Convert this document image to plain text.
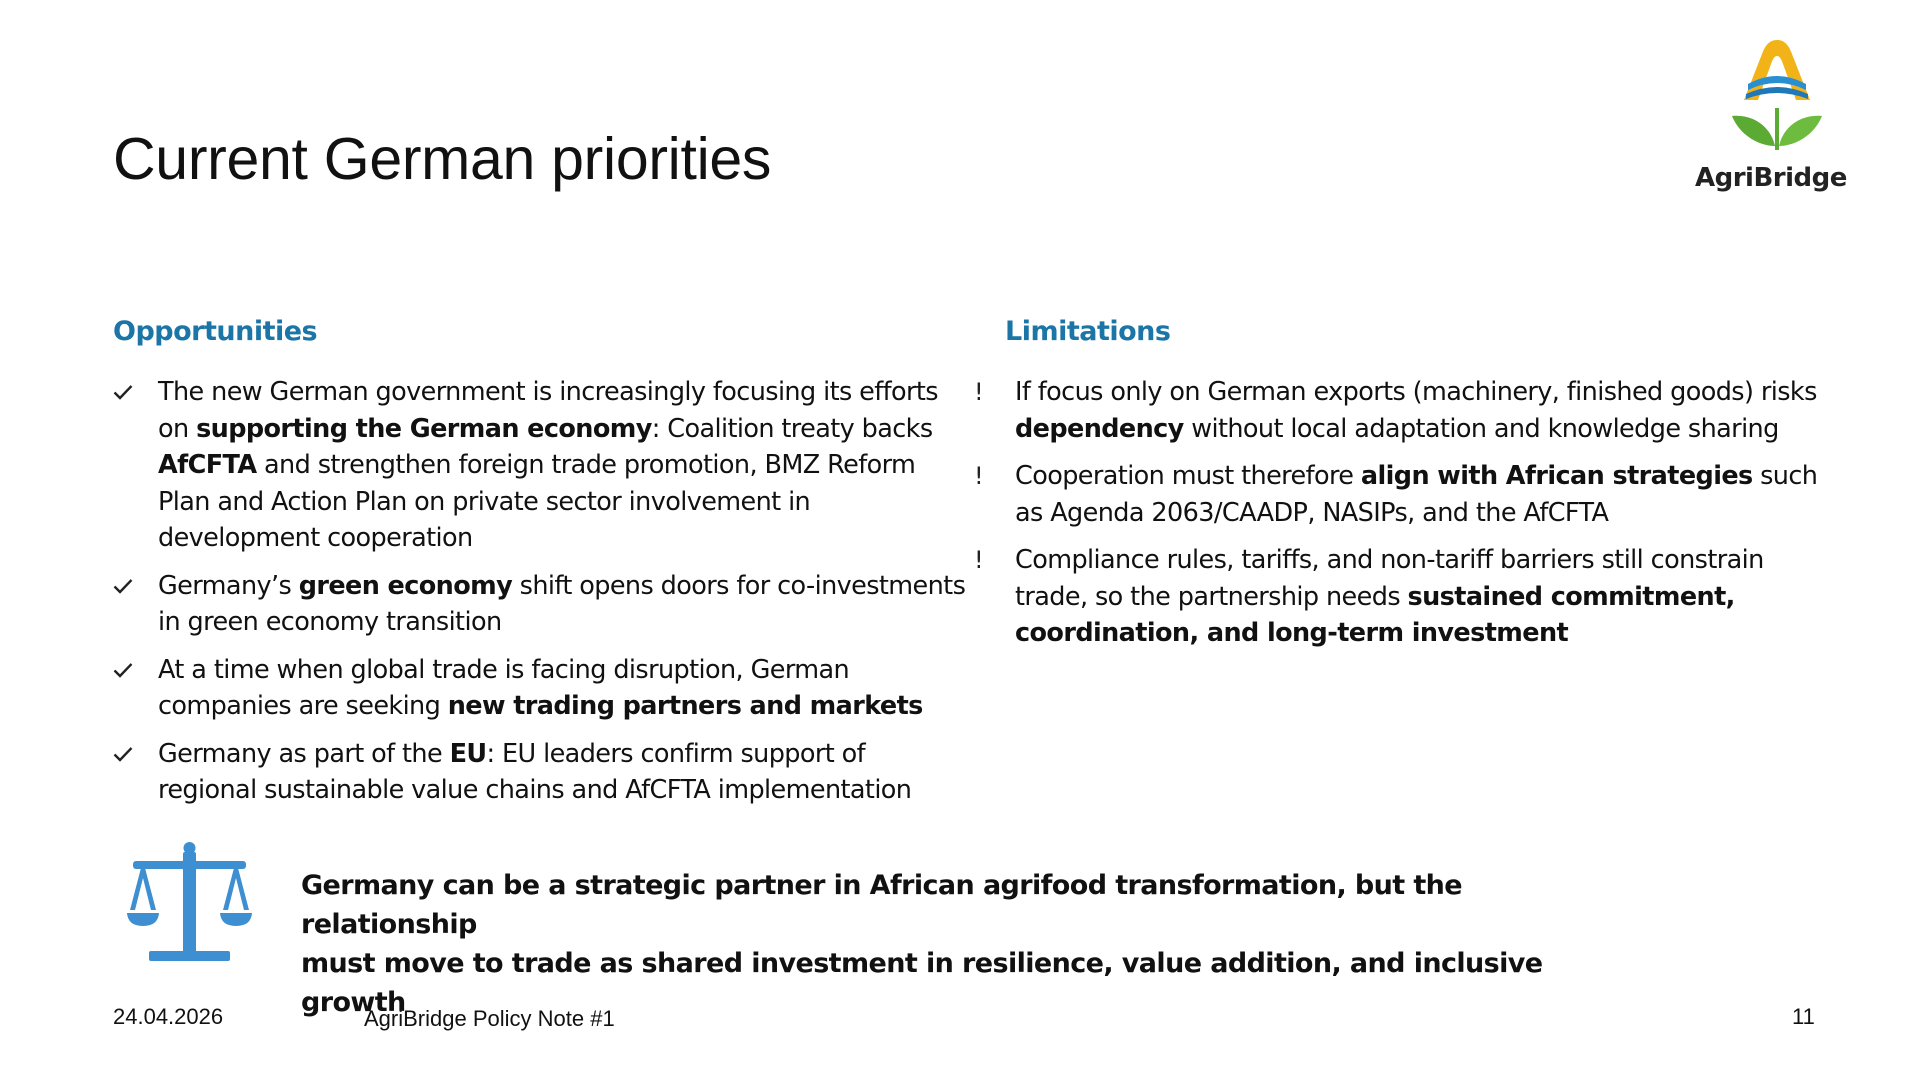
Current German priorities	AgriBridge
Opportunities
The new German government is increasingly focusing its efforts on supporting the German economy: Coalition treaty backs AfCFTA and strengthen foreign trade promotion, BMZ Reform Plan and Action Plan on private sector involvement in development cooperation
Germany’s green economy shift opens doors for co-investments in green economy transition
At a time when global trade is facing disruption, German companies are seeking new trading partners and markets
Germany as part of the EU: EU leaders confirm support of regional sustainable value chains and AfCFTA implementation
Limitations
! If focus only on German exports (machinery, finished goods) risks dependency without local adaptation and knowledge sharing
! Cooperation must therefore align with African strategies such as Agenda 2063/CAADP, NASIPs, and the AfCFTA
! Compliance rules, tariffs, and non-tariff barriers still constrain trade, so the partnership needs sustained commitment, coordination, and long-term investment
Germany can be a strategic partner in African agrifood transformation, but the relationship
must move to trade as shared investment in resilience, value addition, and inclusive growth
24.04.2026	AgriBridge Policy Note #1	11
